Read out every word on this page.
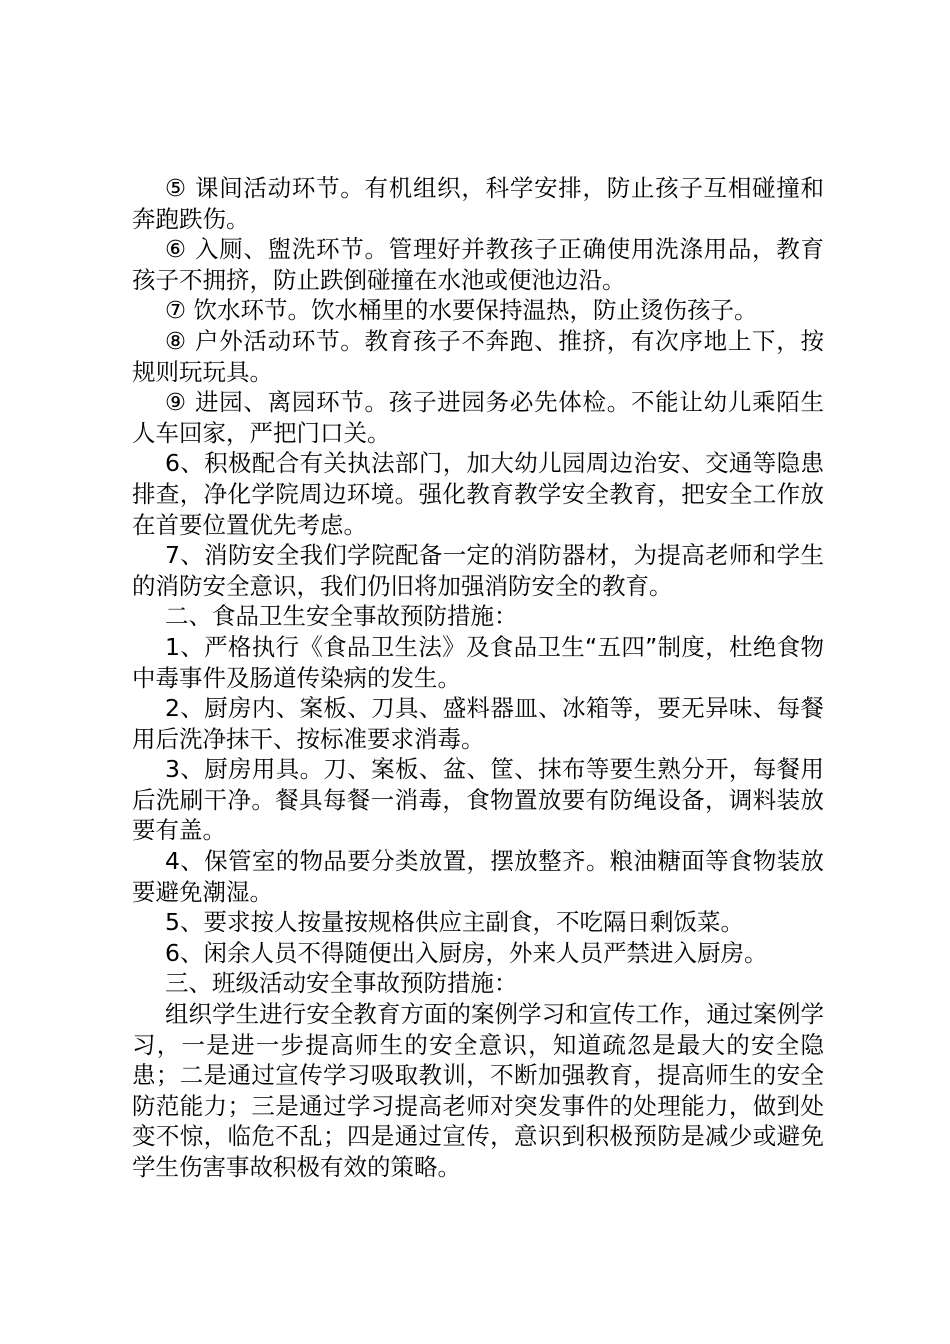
⑤ 课间活动环节。有机组织，科学安排，防止孩子互相碰撞和奔跑跌伤。

⑥ 入厕、盥洗环节。管理好并教孩子正确使用洗涤用品，教育孩子不拥挤，防止跌倒碰撞在水池或便池边沿。

⑦ 饮水环节。饮水桶里的水要保持温热，防止烫伤孩子。

⑧ 户外活动环节。教育孩子不奔跑、推挤，有次序地上下，按规则玩玩具。

⑨ 进园、离园环节。孩子进园务必先体检。不能让幼儿乘陌生人车回家，严把门口关。

6、积极配合有关执法部门，加大幼儿园周边治安、交通等隐患排查，净化学院周边环境。强化教育教学安全教育，把安全工作放在首要位置优先考虑。

7、消防安全我们学院配备一定的消防器材，为提高老师和学生的消防安全意识，我们仍旧将加强消防安全的教育。

二、食品卫生安全事故预防措施：

1、严格执行《食品卫生法》及食品卫生“五四”制度，杜绝食物中毒事件及肠道传染病的发生。

2、厨房内、案板、刀具、盛料器皿、冰箱等，要无异味、每餐用后洗净抹干、按标准要求消毒。

3、厨房用具。刀、案板、盆、筐、抹布等要生熟分开，每餐用后洗刷干净。餐具每餐一消毒，食物置放要有防绳设备，调料装放要有盖。

4、保管室的物品要分类放置，摆放整齐。粮油糖面等食物装放要避免潮湿。

5、要求按人按量按规格供应主副食，不吃隔日剩饭菜。

6、闲余人员不得随便出入厨房，外来人员严禁进入厨房。

三、班级活动安全事故预防措施：

组织学生进行安全教育方面的案例学习和宣传工作，通过案例学习，一是进一步提高师生的安全意识，知道疏忽是最大的安全隐患；二是通过宣传学习吸取教训，不断加强教育，提高师生的安全防范能力；三是通过学习提高老师对突发事件的处理能力，做到处变不惊，临危不乱；四是通过宣传，意识到积极预防是减少或避免学生伤害事故积极有效的策略。
